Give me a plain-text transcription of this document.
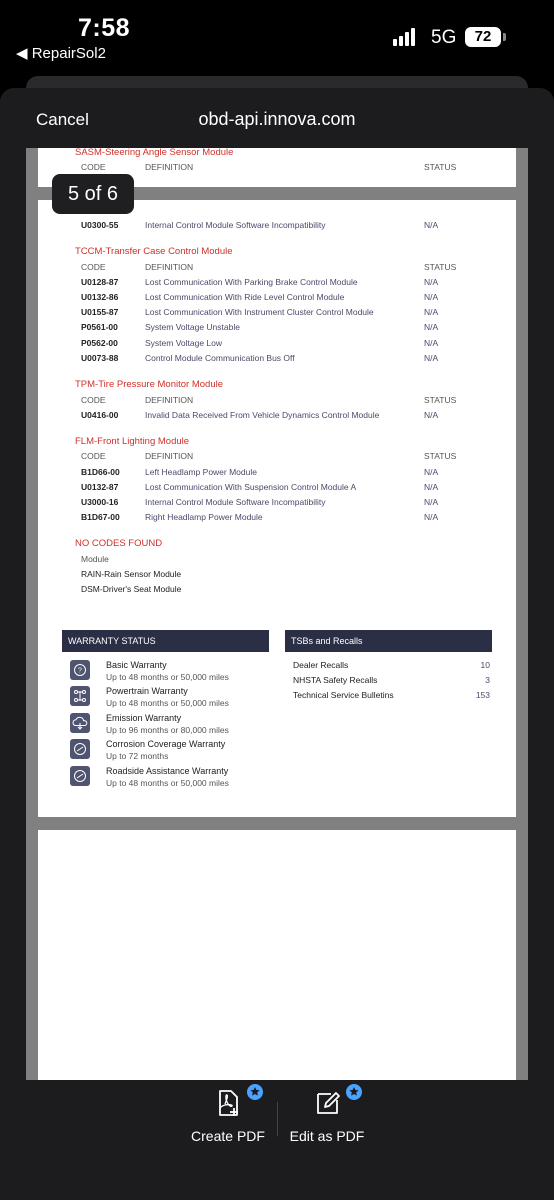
7:58
◀ RepairSol2
5G	72
Cancel	obd-api.innova.com
SASM-Steering Angle Sensor Module
CODE	DEFINITION	STATUS
U0300-55	Internal Control Module Software Incompatibility	N/A
TCCM-Transfer Case Control Module
CODE	DEFINITION	STATUS
U0128-87	Lost Communication With Parking Brake Control Module	N/A
U0132-86	Lost Communication With Ride Level Control Module	N/A
U0155-87	Lost Communication With Instrument Cluster Control Module	N/A
P0561-00	System Voltage Unstable	N/A
P0562-00	System Voltage Low	N/A
U0073-88	Control Module Communication Bus Off	N/A
TPM-Tire Pressure Monitor Module
CODE	DEFINITION	STATUS
U0416-00	Invalid Data Received From Vehicle Dynamics Control Module	N/A
FLM-Front Lighting Module
CODE	DEFINITION	STATUS
B1D66-00	Left Headlamp Power Module	N/A
U0132-87	Lost Communication With Suspension Control Module A	N/A
U3000-16	Internal Control Module Software Incompatibility	N/A
B1D67-00	Right Headlamp Power Module	N/A
NO CODES FOUND
Module
RAIN-Rain Sensor Module
DSM-Driver's Seat Module
WARRANTY STATUS
?
Basic Warranty
Up to 48 months or 50,000 miles
Powertrain Warranty
Up to 48 months or 50,000 miles
Emission Warranty
Up to 96 months or 80,000 miles
Corrosion Coverage Warranty
Up to 72 months
Roadside Assistance Warranty
Up to 48 months or 50,000 miles
TSBs and Recalls
Dealer Recalls	10
NHSTA Safety Recalls	3
Technical Service Bulletins	153
5 of 6
Create PDF Edit as PDF
